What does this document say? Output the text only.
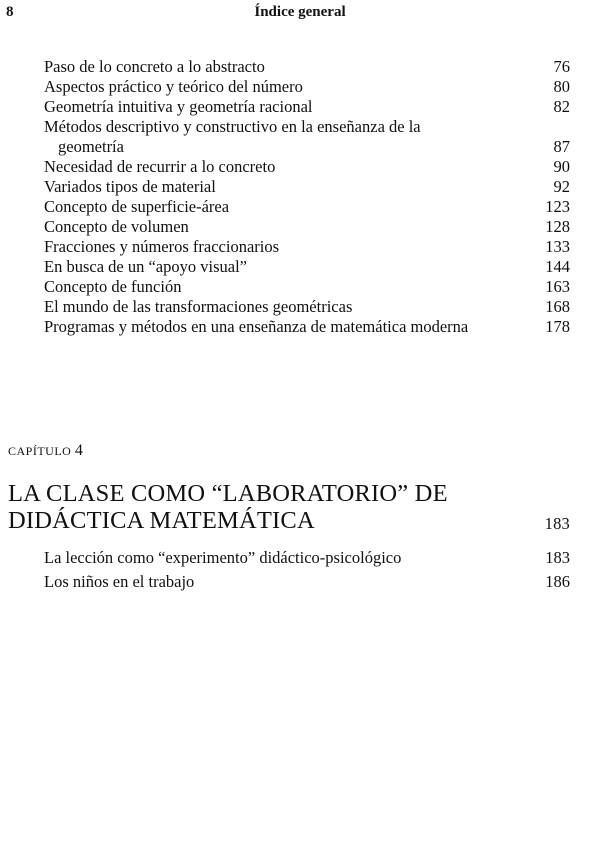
8	Índice general
Paso de lo concreto a lo abstracto	76
Aspectos práctico y teórico del número	80
Geometría intuitiva y geometría racional	82
Métodos descriptivo y constructivo en la enseñanza de la
geometría	87
Necesidad de recurrir a lo concreto	90
Variados tipos de material	92
Concepto de superficie-área	123
Concepto de volumen	128
Fracciones y números fraccionarios	133
En busca de un “apoyo visual”	144
Concepto de función	163
El mundo de las transformaciones geométricas	168
Programas y métodos en una enseñanza de matemática moderna	178
CAPÍTULO 4
LA CLASE COMO “LABORATORIO” DE
DIDÁCTICA MATEMÁTICA	183
La lección como “experimento” didáctico-psicológico	183
Los niños en el trabajo	186
